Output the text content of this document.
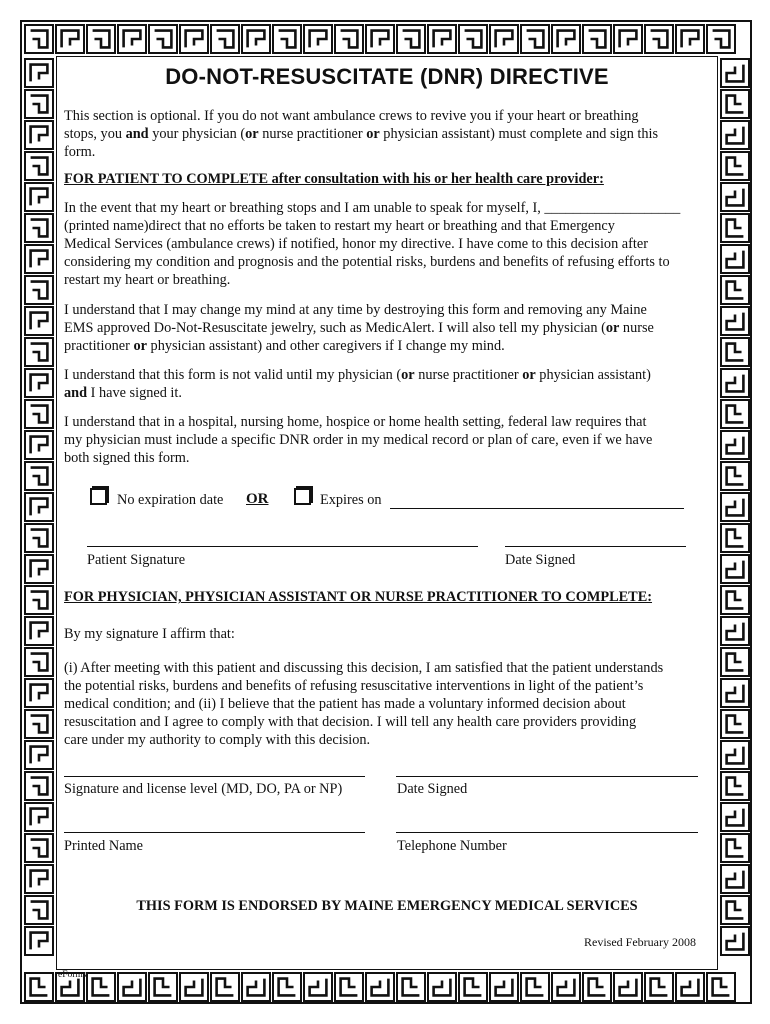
DO-NOT-RESUSCITATE (DNR) DIRECTIVE
This section is optional. If you do not want ambulance crews to revive you if your heart or breathing
stops, you and your physician (or nurse practitioner or physician assistant) must complete and sign this
form.
FOR PATIENT TO COMPLETE after consultation with his or her health care provider:
In the event that my heart or breathing stops and I am unable to speak for myself, I, ___________________
(printed name)direct that no efforts be taken to restart my heart or breathing and that Emergency
Medical Services (ambulance crews) if notified, honor my directive. I have come to this decision after
considering my condition and prognosis and the potential risks, burdens and benefits of refusing efforts to
restart my heart or breathing.
I understand that I may change my mind at any time by destroying this form and removing any Maine
EMS approved Do-Not-Resuscitate jewelry, such as MedicAlert. I will also tell my physician (or nurse
practitioner or physician assistant) and other caregivers if I change my mind.
I understand that this form is not valid until my physician (or nurse practitioner or physician assistant)
and I have signed it.
I understand that in a hospital, nursing home, hospice or home health setting, federal law requires that
my physician must include a specific DNR order in my medical record or plan of care, even if we have
both signed this form.
No expiration date OR	Expires on
Patient Signature	Date Signed
FOR PHYSICIAN, PHYSICIAN ASSISTANT OR NURSE PRACTITIONER TO COMPLETE:
By my signature I affirm that:
(i) After meeting with this patient and discussing this decision, I am satisfied that the patient understands
the potential risks, burdens and benefits of refusing resuscitative interventions in light of the patient’s
medical condition; and (ii) I believe that the patient has made a voluntary informed decision about
resuscitation and I agree to comply with that decision. I will tell any health care providers providing
care under my authority to comply with this decision.
Signature and license level (MD, DO, PA or NP)	Date Signed
Printed Name	Telephone Number
THIS FORM IS ENDORSED BY MAINE EMERGENCY MEDICAL SERVICES
Revised February 2008
eForms
